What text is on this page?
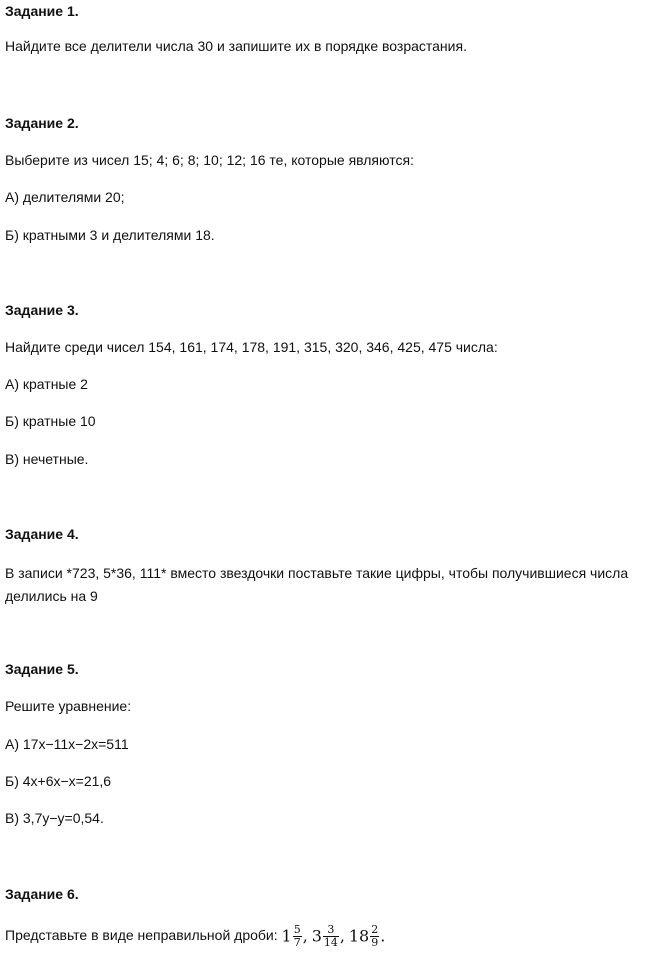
Задание 1.
Найдите все делители числа 30 и запишите их в порядке возрастания.
Задание 2.
Выберите из чисел 15; 4; 6; 8; 10; 12; 16 те, которые являются:
А) делителями 20;
Б) кратными 3 и делителями 18.
Задание 3.
Найдите среди чисел 154, 161, 174, 178, 191, 315, 320, 346, 425, 475 числа:
А) кратные 2
Б) кратные 10
В) нечетные.
Задание 4.
В записи *723, 5*36, 111* вместо звездочки поставьте такие цифры, чтобы получившиеся числа делились на 9
Задание 5.
Решите уравнение:
А) 17x−11x−2x=511
Б) 4x+6x−x=21,6
В) 3,7y−y=0,54.
Задание 6.
Представьте в виде неправильной дроби: $1 \frac{5}{7}$ , $3 \frac{3}{14}$ , $18 \frac{2}{9}$ .
